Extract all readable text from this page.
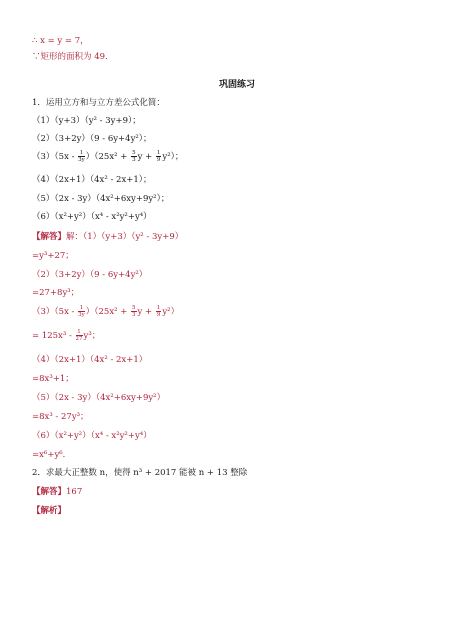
∴ x = y = 7，
∵矩形的面积为 49.
巩固练习
1．运用立方和与立方差公式化简：
（1）（y+3）（y² - 3y+9）；
（2）（3+2y）（9 - 6y+4y²）；
$(3)(5x - \frac{1}{3y} )(25x^2 + \frac{5}{3}$ $y + \frac{1}{9} y^2$）；
（4）（2x+1）（4x² - 2x+1）；
（5）（2x - 3y）（4x²+6xy+9y²）；
（6）（x²+y²）（x⁴ - x²y²+y⁴）
【解答】解：（1）（y+3）（y² - 3y+9）
=y³+27；
（2）（3+2y）（9 - 6y+4y²）
=27+8y³；
$(3)(5x - \frac{1}{3y} )(25x^2 + \frac{5}{3}$ $y + \frac{1}{9} y^2$）
= $125x^3 - \frac{1}{27} y^3$；
（4）（2x+1）（4x² - 2x+1）
=8x³+1；
（5）（2x - 3y）（4x²+6xy+9y²）
=8x³ - 27y³；
（6）（x²+y²）（x⁴ - x²y²+y⁴）
=x⁶+y⁶．
2．求最大正整数 n，使得 n³ + 2017 能被 n + 13 整除
【解答】167
【解析】
